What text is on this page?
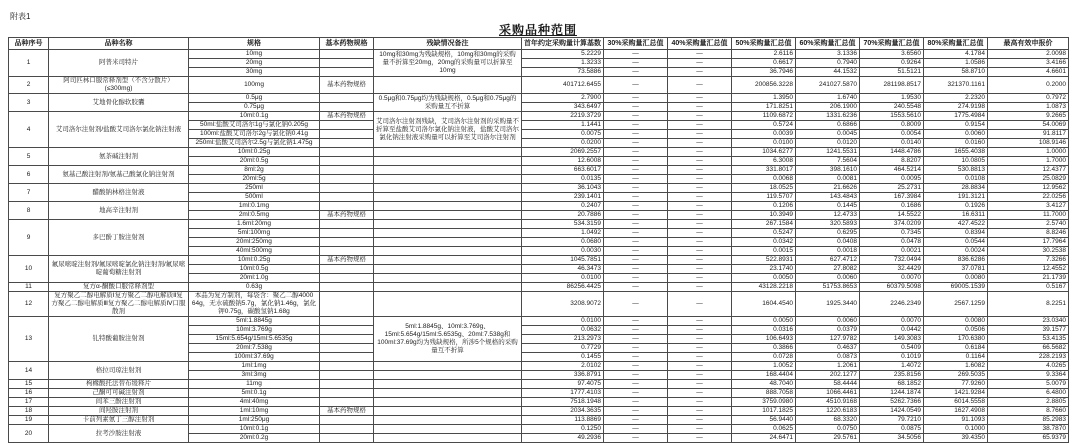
附表1
采购品种范围
品种序号	品种名称	规格	基本药物规格	残缺情况备注	首年约定采购量计算基数	30%采购量汇总值	40%采购量汇总值	50%采购量汇总值	60%采购量汇总值	70%采购量汇总值	80%采购量汇总值	最高有效申报价
1	阿普米司特片	10mg		10mg和30mg为残缺规格，10mg和30mg的采购量不折算至20mg，20mg的采购量可以折算至10mg	5.2229	—	—	2.6116	3.1336	3.6560	4.1784	2.0098
		20mg			1.3233	—	—	0.6617	0.7940	0.9264	1.0586	3.4166
		30mg			73.5886	—	—	36.7946	44.1532	51.5121	58.8710	4.6601
2	阿司匹林口服常释剂型（不含分散片）(≤300mg)	100mg	基本药物规格		401712.6455	—	—	200856.3228	241027.5870	281198.8517	321370.1161	0.2000
3	艾地骨化醇软胶囊	0.5μg		0.5μg和0.75μg均为残缺规格，0.5μg和0.75μg的采购量互不折算	2.7900	—	—	1.3950	1.6740	1.9530	2.2320	0.7972
		0.75μg			343.6497	—	—	171.8251	206.1900	240.5548	274.9198	1.0873
4	艾司洛尔注射剂/盐酸艾司洛尔氯化钠注射液	10ml:0.1g	基本药物规格	艾司洛尔注射剂残缺，艾司洛尔注射剂的采购量不折算至盐酸艾司洛尔氯化钠注射液，盐酸艾司洛尔氯化钠注射液采购量可以折算至艾司洛尔注射剂	2219.3729	—	—	1109.6872	1331.6236	1553.5610	1775.4984	9.2665
		50ml:盐酸艾司洛尔1g与氯化钠0.205g			1.1441	—	—	0.5724	0.6866	0.8009	0.9154	54.0069
		100ml:盐酸艾司洛尔2g与氯化钠0.41g			0.0075	—	—	0.0039	0.0045	0.0054	0.0060	91.8117
		250ml:盐酸艾司洛尔2.5g与氯化钠1.475g			0.0200	—	—	0.0100	0.0120	0.0140	0.0160	108.9146
5	氨茶碱注射剂	10ml:0.25g			2069.2557	—	—	1034.6277	1241.5531	1448.4786	1655.4038	1.0000
		20ml:0.5g			12.6008	—	—	6.3008	7.5604	8.8207	10.0805	1.7000
6	氨基己酸注射剂/氨基己酸氯化钠注射剂	8ml:2g			663.6017	—	—	331.8017	398.1610	464.5214	530.8813	12.4377
		20ml:5g			0.0135	—	—	0.0068	0.0081	0.0095	0.0108	25.0829
7	醋酸钠林格注射液	250ml			36.1043	—	—	18.0525	21.6626	25.2731	28.8834	12.9562
		500ml			239.1401	—	—	119.5707	143.4843	167.3984	191.3121	22.0256
8	地高辛注射剂	1ml:0.1mg			0.2407	—	—	0.1206	0.1445	0.1686	0.1926	3.4127
		2ml:0.5mg	基本药物规格		20.7886	—	—	10.3949	12.4733	14.5522	16.6311	11.7000
9	多巴酚丁胺注射剂	1.6ml:20mg			534.3159	—	—	267.1584	320.5893	374.0209	427.4522	2.5740
		5ml:100mg			1.0492	—	—	0.5247	0.6295	0.7345	0.8394	8.8246
		20ml:250mg			0.0680	—	—	0.0342	0.0408	0.0478	0.0544	17.7964
		40ml:500mg			0.0030	—	—	0.0015	0.0018	0.0021	0.0024	30.2538
10	氟尿嘧啶注射剂/氟尿嘧啶氯化钠注射剂/氟尿嘧啶葡萄糖注射剂	10ml:0.25g	基本药物规格		1045.7851	—	—	522.8931	627.4712	732.0494	836.6286	7.3266
		10ml:0.5g			46.3473	—	—	23.1740	27.8082	32.4429	37.0781	12.4552
		20ml:1.0g			0.0100	—	—	0.0050	0.0060	0.0070	0.0080	21.1739
11	复方α-酮酸口服常释剂型	0.63g			86256.4425	—	—	43128.2218	51753.8653	60379.5098	69005.1539	0.5167
12	复方聚乙二醇电解质Ⅰ复方聚乙二醇电解质Ⅱ复方聚乙二醇电解质Ⅲ复方聚乙二醇电解质Ⅳ口服散剂	本品为复方制剂，每袋含：聚乙二醇4000 64g，无水硫酸钠5.7g，氯化钠1.46g，氯化钾0.75g，碳酸氢钠1.68g			3208.9072	—	—	1604.4540	1925.3440	2246.2349	2567.1259	8.2251
13	钆特酸葡胺注射剂	5ml:1.8845g		5ml:1.8845g、10ml:3.769g、15ml:5.654g/15ml:5.6535g、20ml:7.538g和100ml:37.69g均为残缺规格，所涉5个规格的采购量互不折算	0.0100	—	—	0.0050	0.0060	0.0070	0.0080	23.0340
		10ml:3.769g			0.0632	—	—	0.0316	0.0379	0.0442	0.0506	39.1577
		15ml:5.654g/15ml:5.6535g			213.2973	—	—	106.6493	127.9782	149.3083	170.6380	53.4135
		20ml:7.538g			0.7729	—	—	0.3866	0.4637	0.5409	0.6184	66.5682
		100ml:37.69g			0.1455	—	—	0.0728	0.0873	0.1019	0.1164	228.2193
14	格拉司琼注射剂	1ml:1mg			2.0102	—	—	1.0052	1.2061	1.4072	1.6082	4.0265
		3ml:3mg			336.8791	—	—	168.4404	202.1277	235.8156	269.5035	9.3364
15	枸橼酸托法替布缓释片	11mg			97.4075	—	—	48.7040	58.4444	68.1852	77.9260	5.0079
16	己酮可可碱注射剂	5ml:0.1g			1777.4103	—	—	888.7058	1066.4461	1244.1874	1421.9284	6.4800
17	间苯三酚注射剂	4ml:40mg			7518.1948	—	—	3759.0980	4510.9168	5262.7366	6014.5558	2.8805
18	间羟胺注射剂	1ml:10mg	基本药物规格		2034.3635	—	—	1017.1825	1220.6183	1424.0549	1627.4908	8.7660
19	卡前列素氨丁三醇注射剂	1ml:250μg			113.8869	—	—	56.9440	68.3320	79.7210	91.1093	85.2983
20	拉考沙胺注射液	10ml:0.1g			0.1250	—	—	0.0625	0.0750	0.0875	0.1000	38.7870
		20ml:0.2g			49.2936	—	—	24.6471	29.5761	34.5056	39.4350	65.9379
